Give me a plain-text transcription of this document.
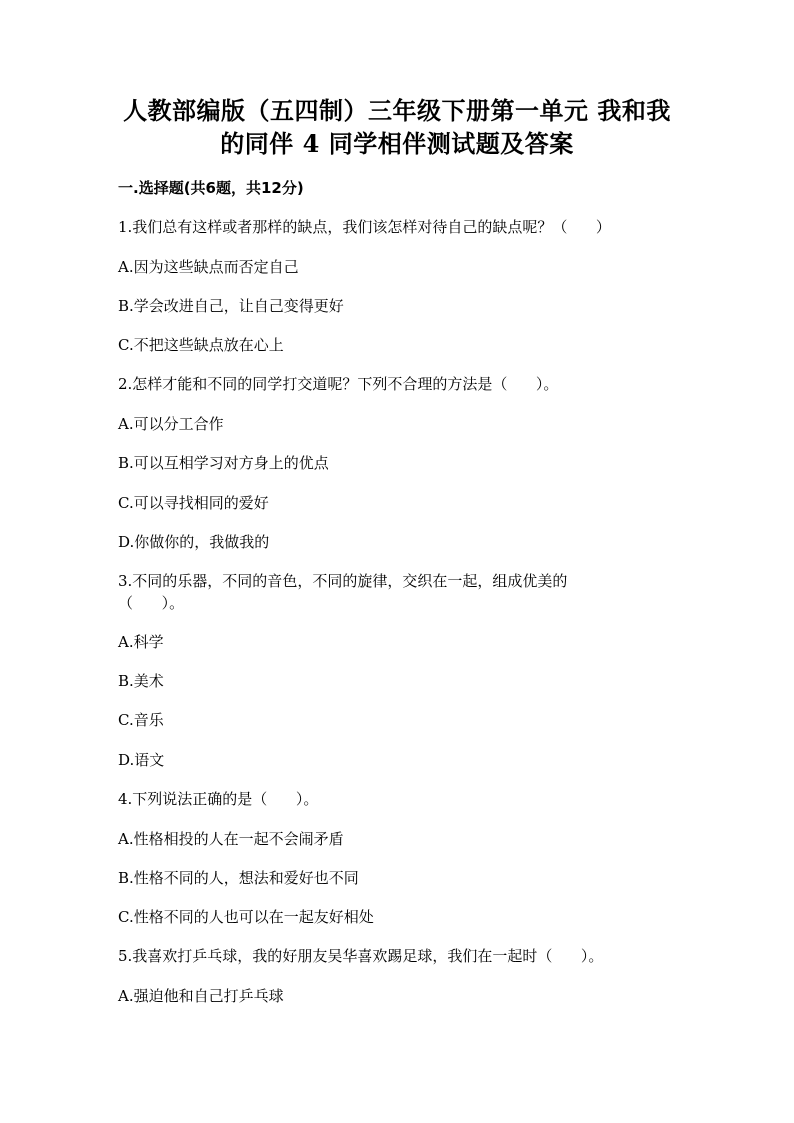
人教部编版（五四制）三年级下册第一单元 我和我
的同伴 4 同学相伴测试题及答案
一.选择题(共6题，共12分)
1.我们总有这样或者那样的缺点，我们该怎样对待自己的缺点呢？（      ）
A.因为这些缺点而否定自己
B.学会改进自己，让自己变得更好
C.不把这些缺点放在心上
2.怎样才能和不同的同学打交道呢？下列不合理的方法是（      ）。
A.可以分工合作
B.可以互相学习对方身上的优点
C.可以寻找相同的爱好
D.你做你的，我做我的
3.不同的乐器，不同的音色，不同的旋律，交织在一起，组成优美的
（      ）。
A.科学
B.美术
C.音乐
D.语文
4.下列说法正确的是（      ）。
A.性格相投的人在一起不会闹矛盾
B.性格不同的人，想法和爱好也不同
C.性格不同的人也可以在一起友好相处
5.我喜欢打乒乓球，我的好朋友吴华喜欢踢足球，我们在一起时（      ）。
A.强迫他和自己打乒乓球
